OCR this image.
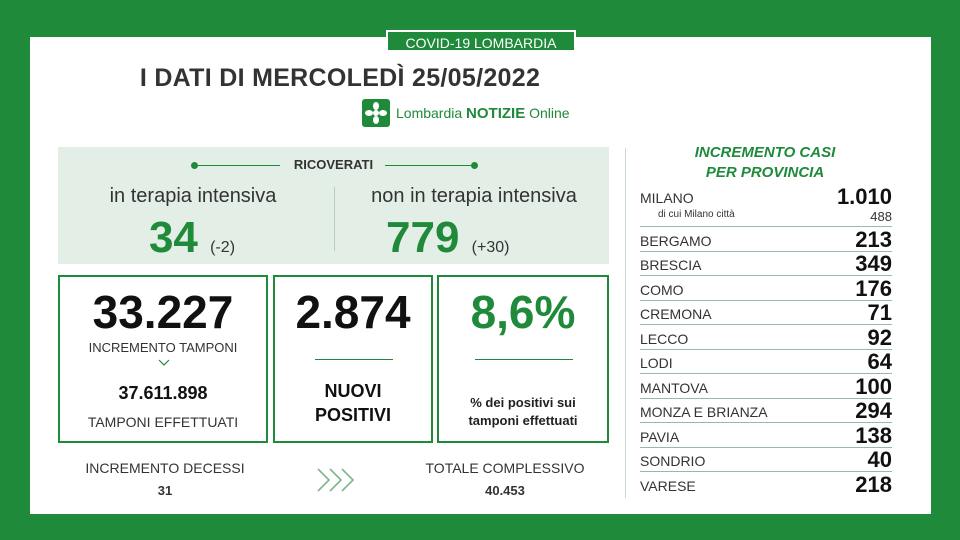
COVID-19 LOMBARDIA
I DATI DI MERCOLEDÌ 25/05/2022
Lombardia NOTIZIE Online
RICOVERATI
in terapia intensiva
34 (-2)
non in terapia intensiva
779 (+30)
33.227
INCREMENTO TAMPONI
37.611.898
TAMPONI EFFETTUATI
2.874
NUOVI
POSITIVI
8,6%
% dei positivi sui
tamponi effettuati
INCREMENTO DECESSI
31
TOTALE COMPLESSIVO
40.453
INCREMENTO CASI
PER PROVINCIA
MILANO	1.010
di cui Milano città	488
BERGAMO	213
BRESCIA	349
COMO	176
CREMONA	71
LECCO	92
LODI	64
MANTOVA	100
MONZA E BRIANZA	294
PAVIA	138
SONDRIO	40
VARESE	218
